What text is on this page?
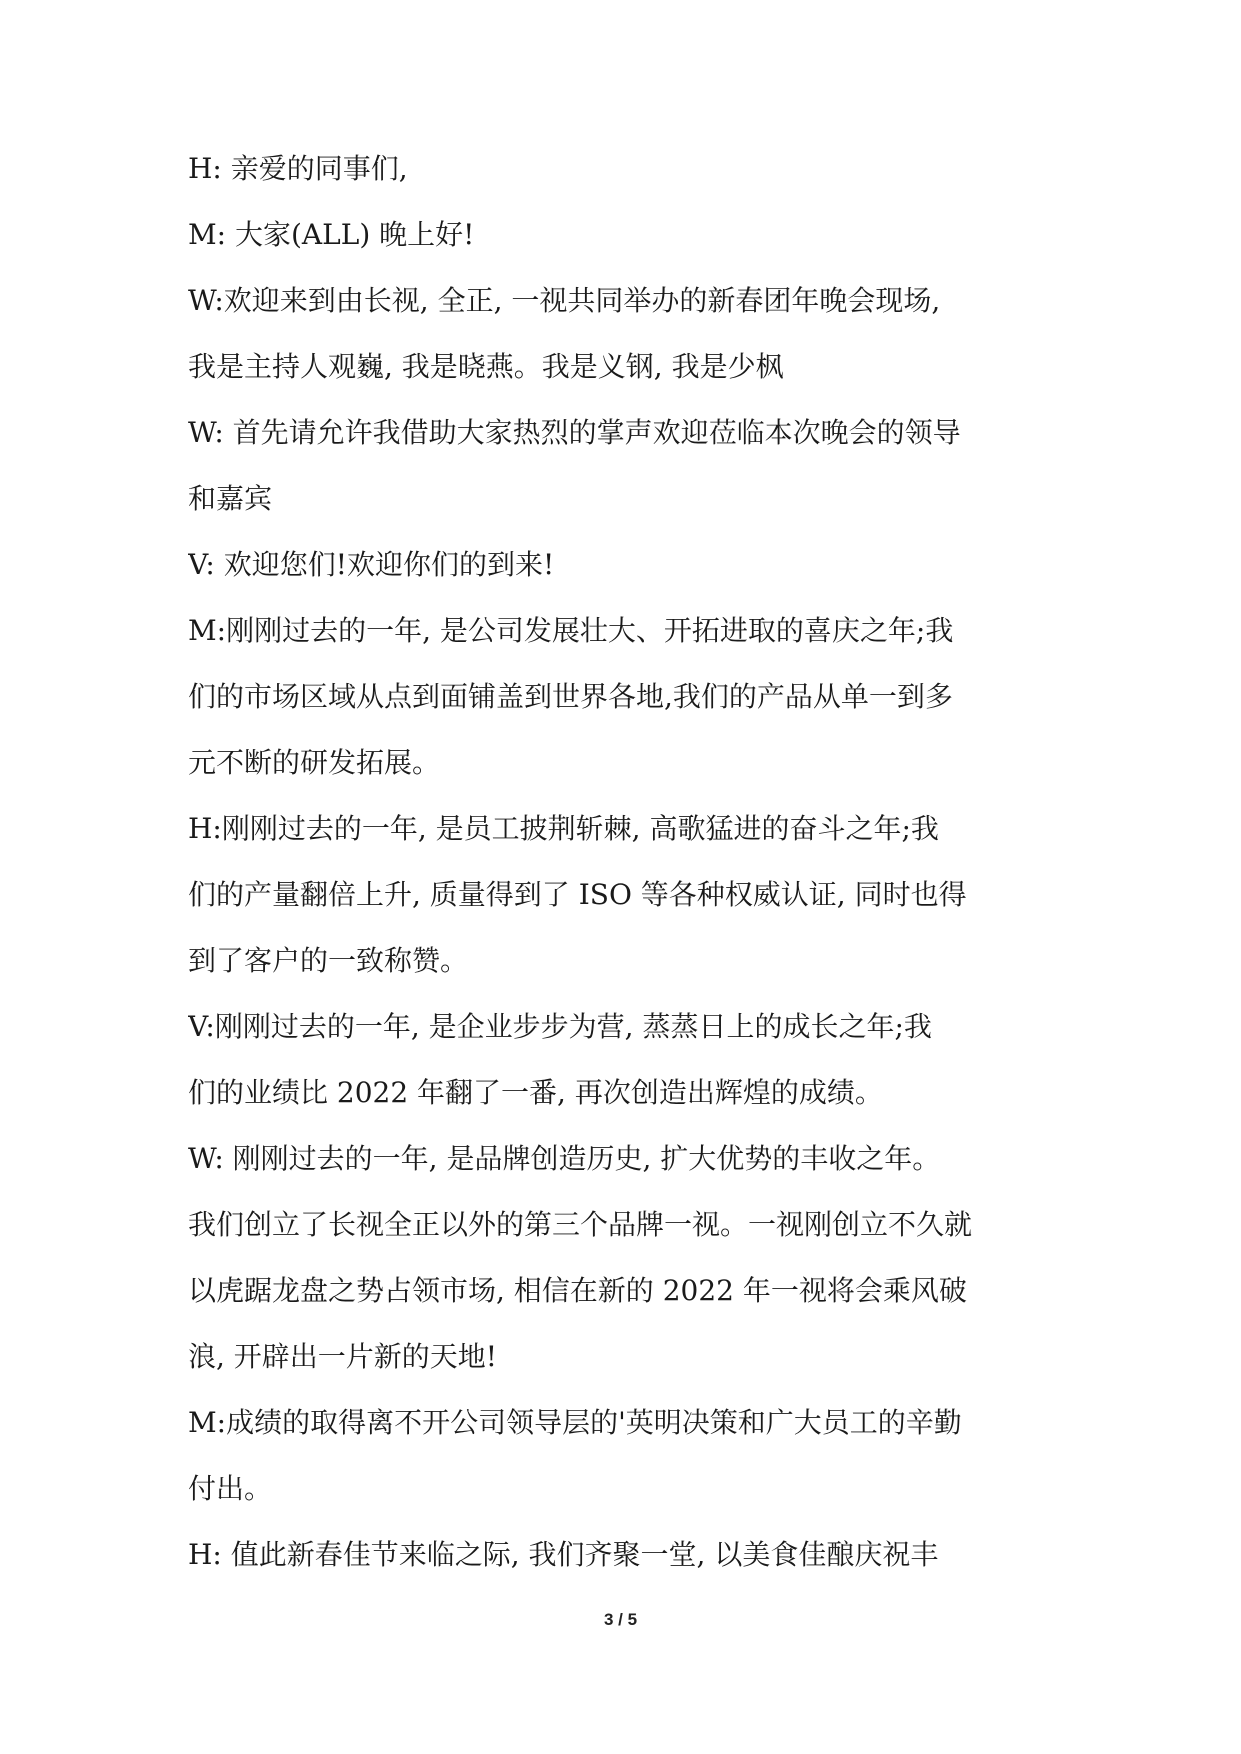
H: 亲爱的同事们,
M: 大家(ALL) 晚上好!
W:欢迎来到由长视, 全正, 一视共同举办的新春团年晚会现场,
我是主持人观巍, 我是晓燕。我是义钢, 我是少枫
W: 首先请允许我借助大家热烈的掌声欢迎莅临本次晚会的领导
和嘉宾
V: 欢迎您们!欢迎你们的到来!
M:刚刚过去的一年, 是公司发展壮大、开拓进取的喜庆之年;我
们的市场区域从点到面铺盖到世界各地,我们的产品从单一到多
元不断的研发拓展。
H:刚刚过去的一年, 是员工披荆斩棘, 高歌猛进的奋斗之年;我
们的产量翻倍上升, 质量得到了 ISO 等各种权威认证, 同时也得
到了客户的一致称赞。
V:刚刚过去的一年, 是企业步步为营, 蒸蒸日上的成长之年;我
们的业绩比 2022 年翻了一番, 再次创造出辉煌的成绩。
W: 刚刚过去的一年, 是品牌创造历史, 扩大优势的丰收之年。
我们创立了长视全正以外的第三个品牌一视。一视刚创立不久就
以虎踞龙盘之势占领市场, 相信在新的 2022 年一视将会乘风破
浪, 开辟出一片新的天地!
M:成绩的取得离不开公司领导层的'英明决策和广大员工的辛勤
付出。
H: 值此新春佳节来临之际, 我们齐聚一堂, 以美食佳酿庆祝丰
3 / 5
